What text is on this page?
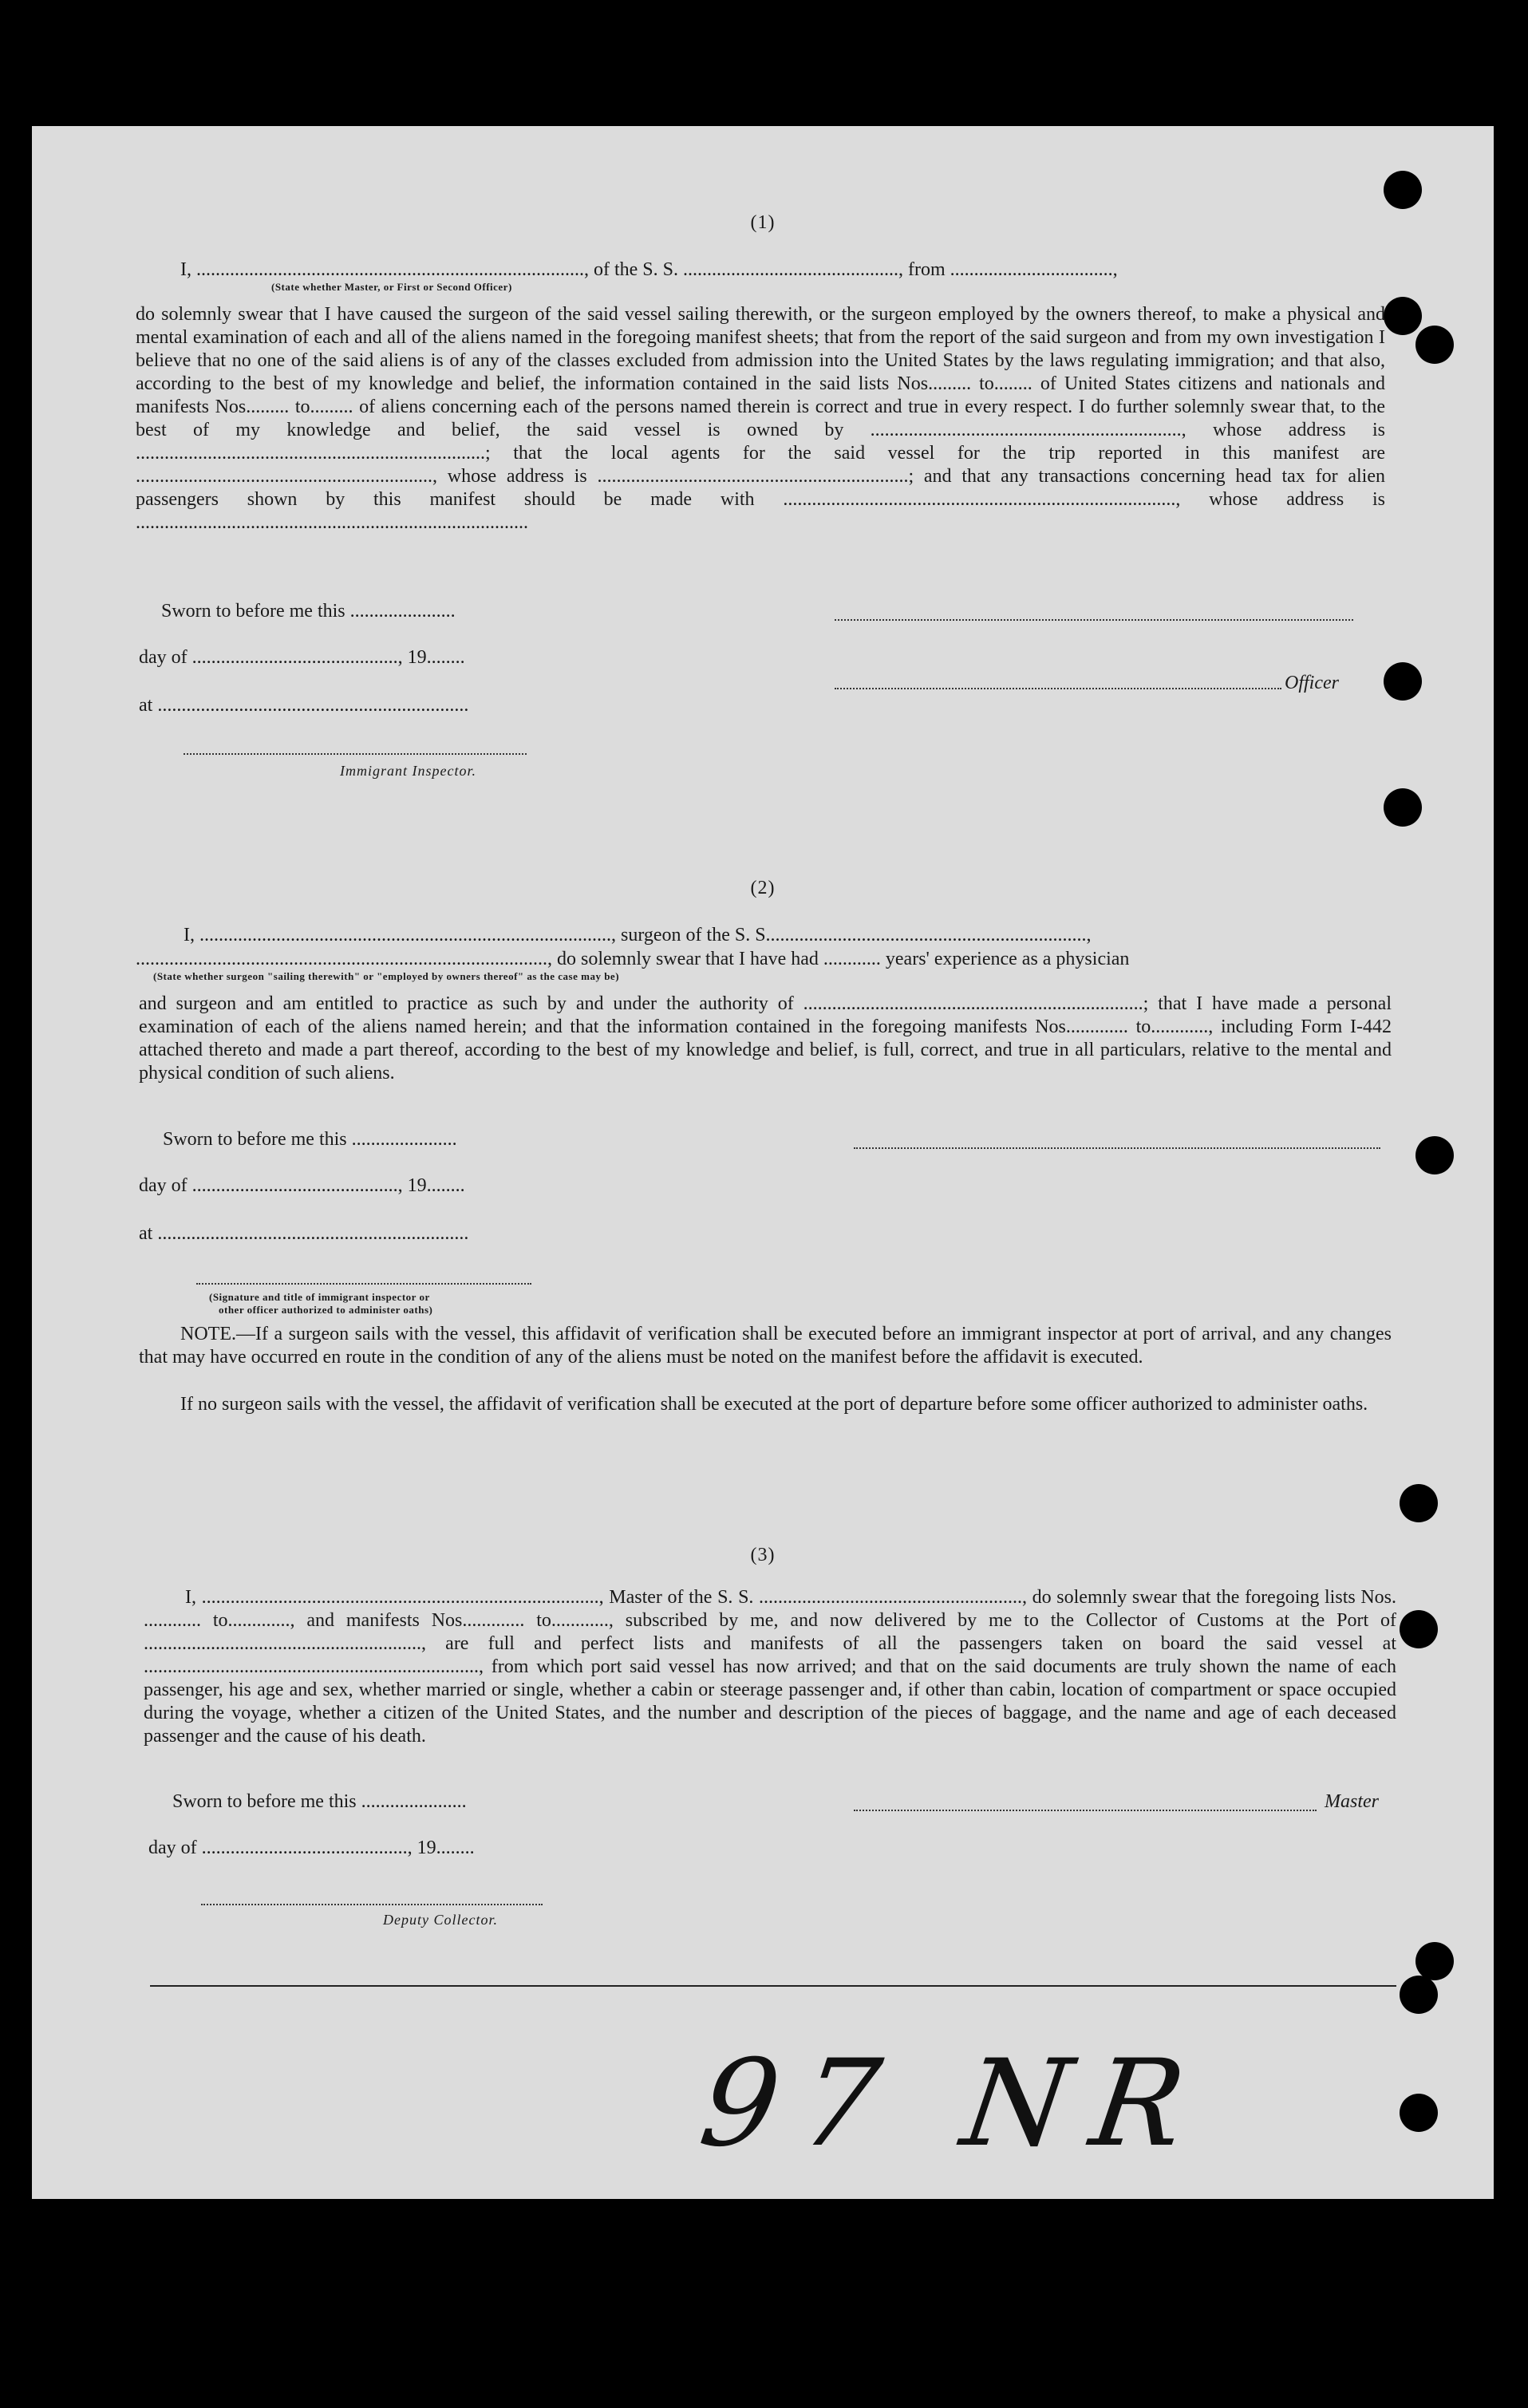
(1)
I, ................................................................................., of the S. S. ............................................., from ..................................,
(State whether Master, or First or Second Officer)
do solemnly swear that I have caused the surgeon of the said vessel sailing therewith, or the surgeon employed by the owners thereof, to make a physical and mental examination of each and all of the aliens named in the foregoing manifest sheets; that from the report of the said surgeon and from my own investigation I believe that no one of the said aliens is of any of the classes excluded from admission into the United States by the laws regulating immigration; and that also, according to the best of my knowledge and belief, the information contained in the said lists Nos......... to........ of United States citizens and nationals and manifests Nos......... to......... of aliens concerning each of the persons named therein is correct and true in every respect. I do further solemnly swear that, to the best of my knowledge and belief, the said vessel is owned by ................................................................., whose address is .........................................................................; that the local agents for the said vessel for the trip reported in this manifest are .............................................................., whose address is .................................................................; and that any transactions concerning head tax for alien passengers shown by this manifest should be made with .................................................................................., whose address is ..................................................................................
Sworn to before me this ......................
day of ..........................................., 19........
Officer
at .................................................................
Immigrant Inspector.
(2)
I, ......................................................................................, surgeon of the S. S...................................................................,
......................................................................................, do solemnly swear that I have had ............ years' experience as a physician
(State whether surgeon "sailing therewith" or "employed by owners thereof" as the case may be)
and surgeon and am entitled to practice as such by and under the authority of .......................................................................; that I have made a personal examination of each of the aliens named herein; and that the information contained in the foregoing manifests Nos............. to............, including Form I-442 attached thereto and made a part thereof, according to the best of my knowledge and belief, is full, correct, and true in all particulars, relative to the mental and physical condition of such aliens.
Sworn to before me this ......................
day of ..........................................., 19........
at .................................................................
(Signature and title of immigrant inspector or
other officer authorized to administer oaths)
NOTE.—If a surgeon sails with the vessel, this affidavit of verification shall be executed before an immigrant inspector at port of arrival, and any changes that may have occurred en route in the condition of any of the aliens must be noted on the manifest before the affidavit is executed.
If no surgeon sails with the vessel, the affidavit of verification shall be executed at the port of departure before some officer authorized to administer oaths.
(3)
I, ..................................................................................., Master of the S. S. ......................................................., do solemnly swear that the foregoing lists Nos. ............ to............., and manifests Nos............. to............, subscribed by me, and now delivered by me to the Collector of Customs at the Port of .........................................................., are full and perfect lists and manifests of all the passengers taken on board the said vessel at ......................................................................, from which port said vessel has now arrived; and that on the said documents are truly shown the name of each passenger, his age and sex, whether married or single, whether a cabin or steerage passenger and, if other than cabin, location of compartment or space occupied during the voyage, whether a citizen of the United States, and the number and description of the pieces of baggage, and the name and age of each deceased passenger and the cause of his death.
Sworn to before me this ......................	Master
day of ..........................................., 19........
Deputy Collector.
97 NR
